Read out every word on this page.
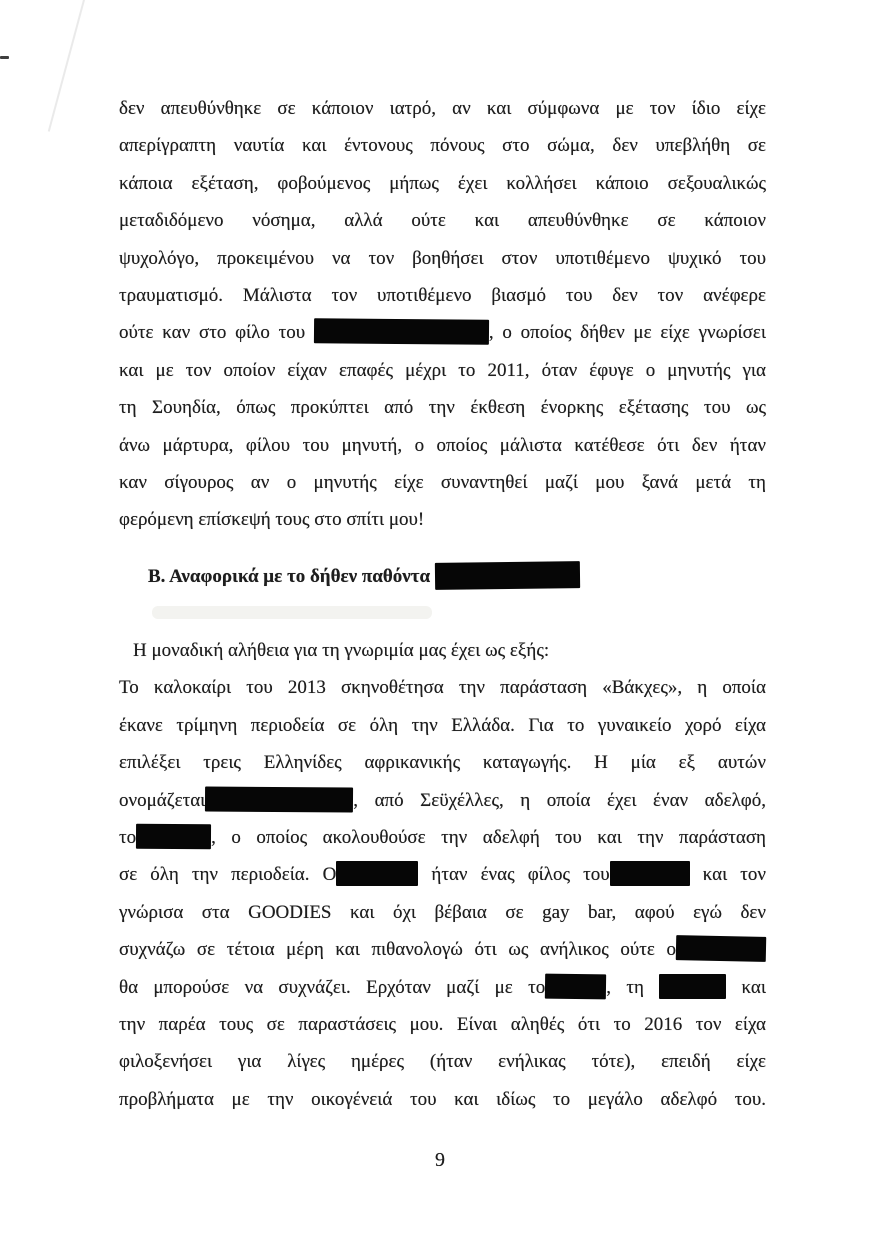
δεν απευθύνθηκε σε κάποιον ιατρό, αν και σύμφωνα με τον ίδιο είχε
απερίγραπτη ναυτία και έντονους πόνους στο σώμα, δεν υπεβλήθη σε
κάποια εξέταση, φοβούμενος μήπως έχει κολλήσει κάποιο σεξουαλικώς
μεταδιδόμενο νόσημα, αλλά ούτε και απευθύνθηκε σε κάποιον
ψυχολόγο, προκειμένου να τον βοηθήσει στον υποτιθέμενο ψυχικό του
τραυματισμό. Μάλιστα τον υποτιθέμενο βιασμό του δεν τον ανέφερε
ούτε καν στο φίλο του	, ο οποίος δήθεν με είχε γνωρίσει
και με τον οποίον είχαν επαφές μέχρι το 2011, όταν έφυγε ο μηνυτής για
τη Σουηδία, όπως προκύπτει από την έκθεση ένορκης εξέτασης του ως
άνω μάρτυρα, φίλου του μηνυτή, ο οποίος μάλιστα κατέθεσε ότι δεν ήταν
καν σίγουρος αν ο μηνυτής είχε συναντηθεί μαζί μου ξανά μετά τη
φερόμενη επίσκεψή τους στο σπίτι μου!
Β. Αναφορικά με το δήθεν παθόντα
Η μοναδική αλήθεια για τη γνωριμία μας έχει ως εξής:
Το καλοκαίρι του 2013 σκηνοθέτησα την παράσταση «Βάκχες», η οποία
έκανε τρίμηνη περιοδεία σε όλη την Ελλάδα. Για το γυναικείο χορό είχα
επιλέξει τρεις Ελληνίδες αφρικανικής καταγωγής. Η μία εξ αυτών
ονομάζεται	, από Σεϋχέλλες, η οποία έχει έναν αδελφό,
το	, ο οποίος ακολουθούσε την αδελφή του και την παράσταση
σε όλη την περιοδεία. Ο	ήταν ένας φίλος του	και τον
γνώρισα στα GOODIES και όχι βέβαια σε gay bar, αφού εγώ δεν
συχνάζω σε τέτοια μέρη και πιθανολογώ ότι ως ανήλικος ούτε ο
θα μπορούσε να συχνάζει. Ερχόταν μαζί με το	, τη	και
την παρέα τους σε παραστάσεις μου. Είναι αληθές ότι το 2016 τον είχα
φιλοξενήσει για λίγες ημέρες (ήταν ενήλικας τότε), επειδή είχε
προβλήματα με την οικογένειά του και ιδίως το μεγάλο αδελφό του.
9
